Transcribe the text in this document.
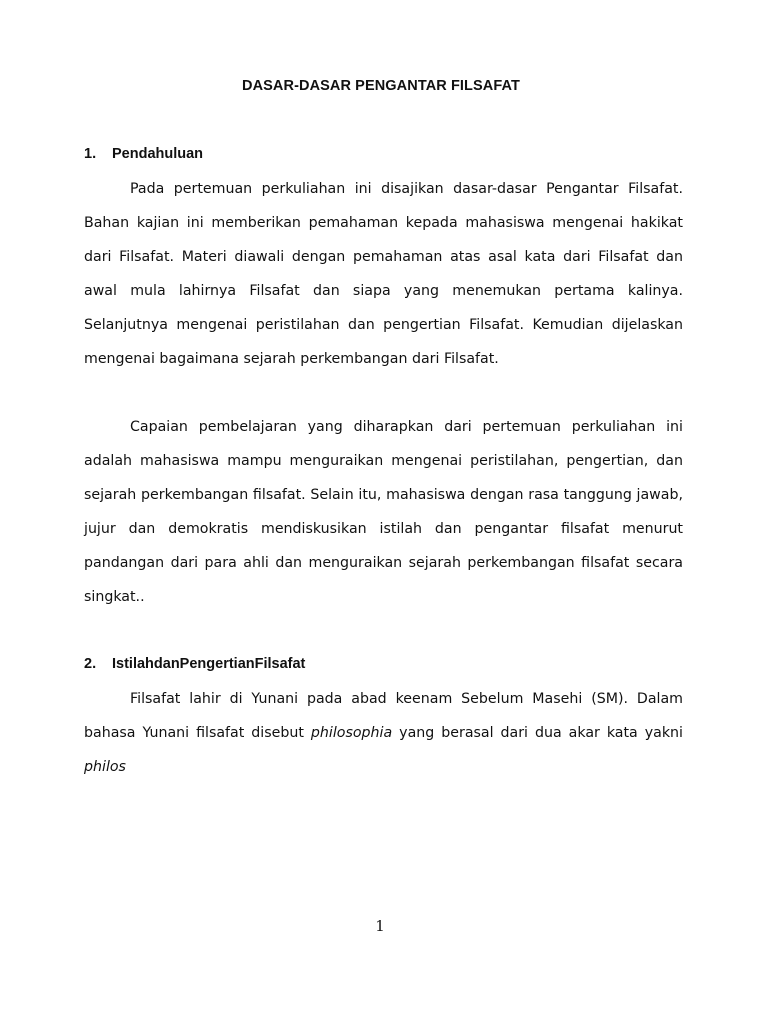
DASAR-DASAR PENGANTAR FILSAFAT
1. Pendahuluan

Pada pertemuan perkuliahan ini disajikan dasar-dasar Pengantar Filsafat. Bahan kajian ini memberikan pemahaman kepada mahasiswa mengenai hakikat dari Filsafat. Materi diawali dengan pemahaman atas asal kata dari Filsafat dan awal mula lahirnya Filsafat dan siapa yang menemukan pertama kalinya. Selanjutnya mengenai peristilahan dan pengertian Filsafat. Kemudian dijelaskan mengenai bagaimana sejarah perkembangan dari Filsafat.

Capaian pembelajaran yang diharapkan dari pertemuan perkuliahan ini adalah mahasiswa mampu menguraikan mengenai peristilahan, pengertian, dan sejarah perkembangan filsafat. Selain itu, mahasiswa dengan rasa tanggung jawab, jujur dan demokratis mendiskusikan istilah dan pengantar filsafat menurut pandangan dari para ahli dan menguraikan sejarah perkembangan filsafat secara singkat..

2. IstilahdanPengertianFilsafat

Filsafat lahir di Yunani pada abad keenam Sebelum Masehi (SM). Dalam bahasa Yunani filsafat disebut philosophia yang berasal dari dua akar kata yakni philos

1
